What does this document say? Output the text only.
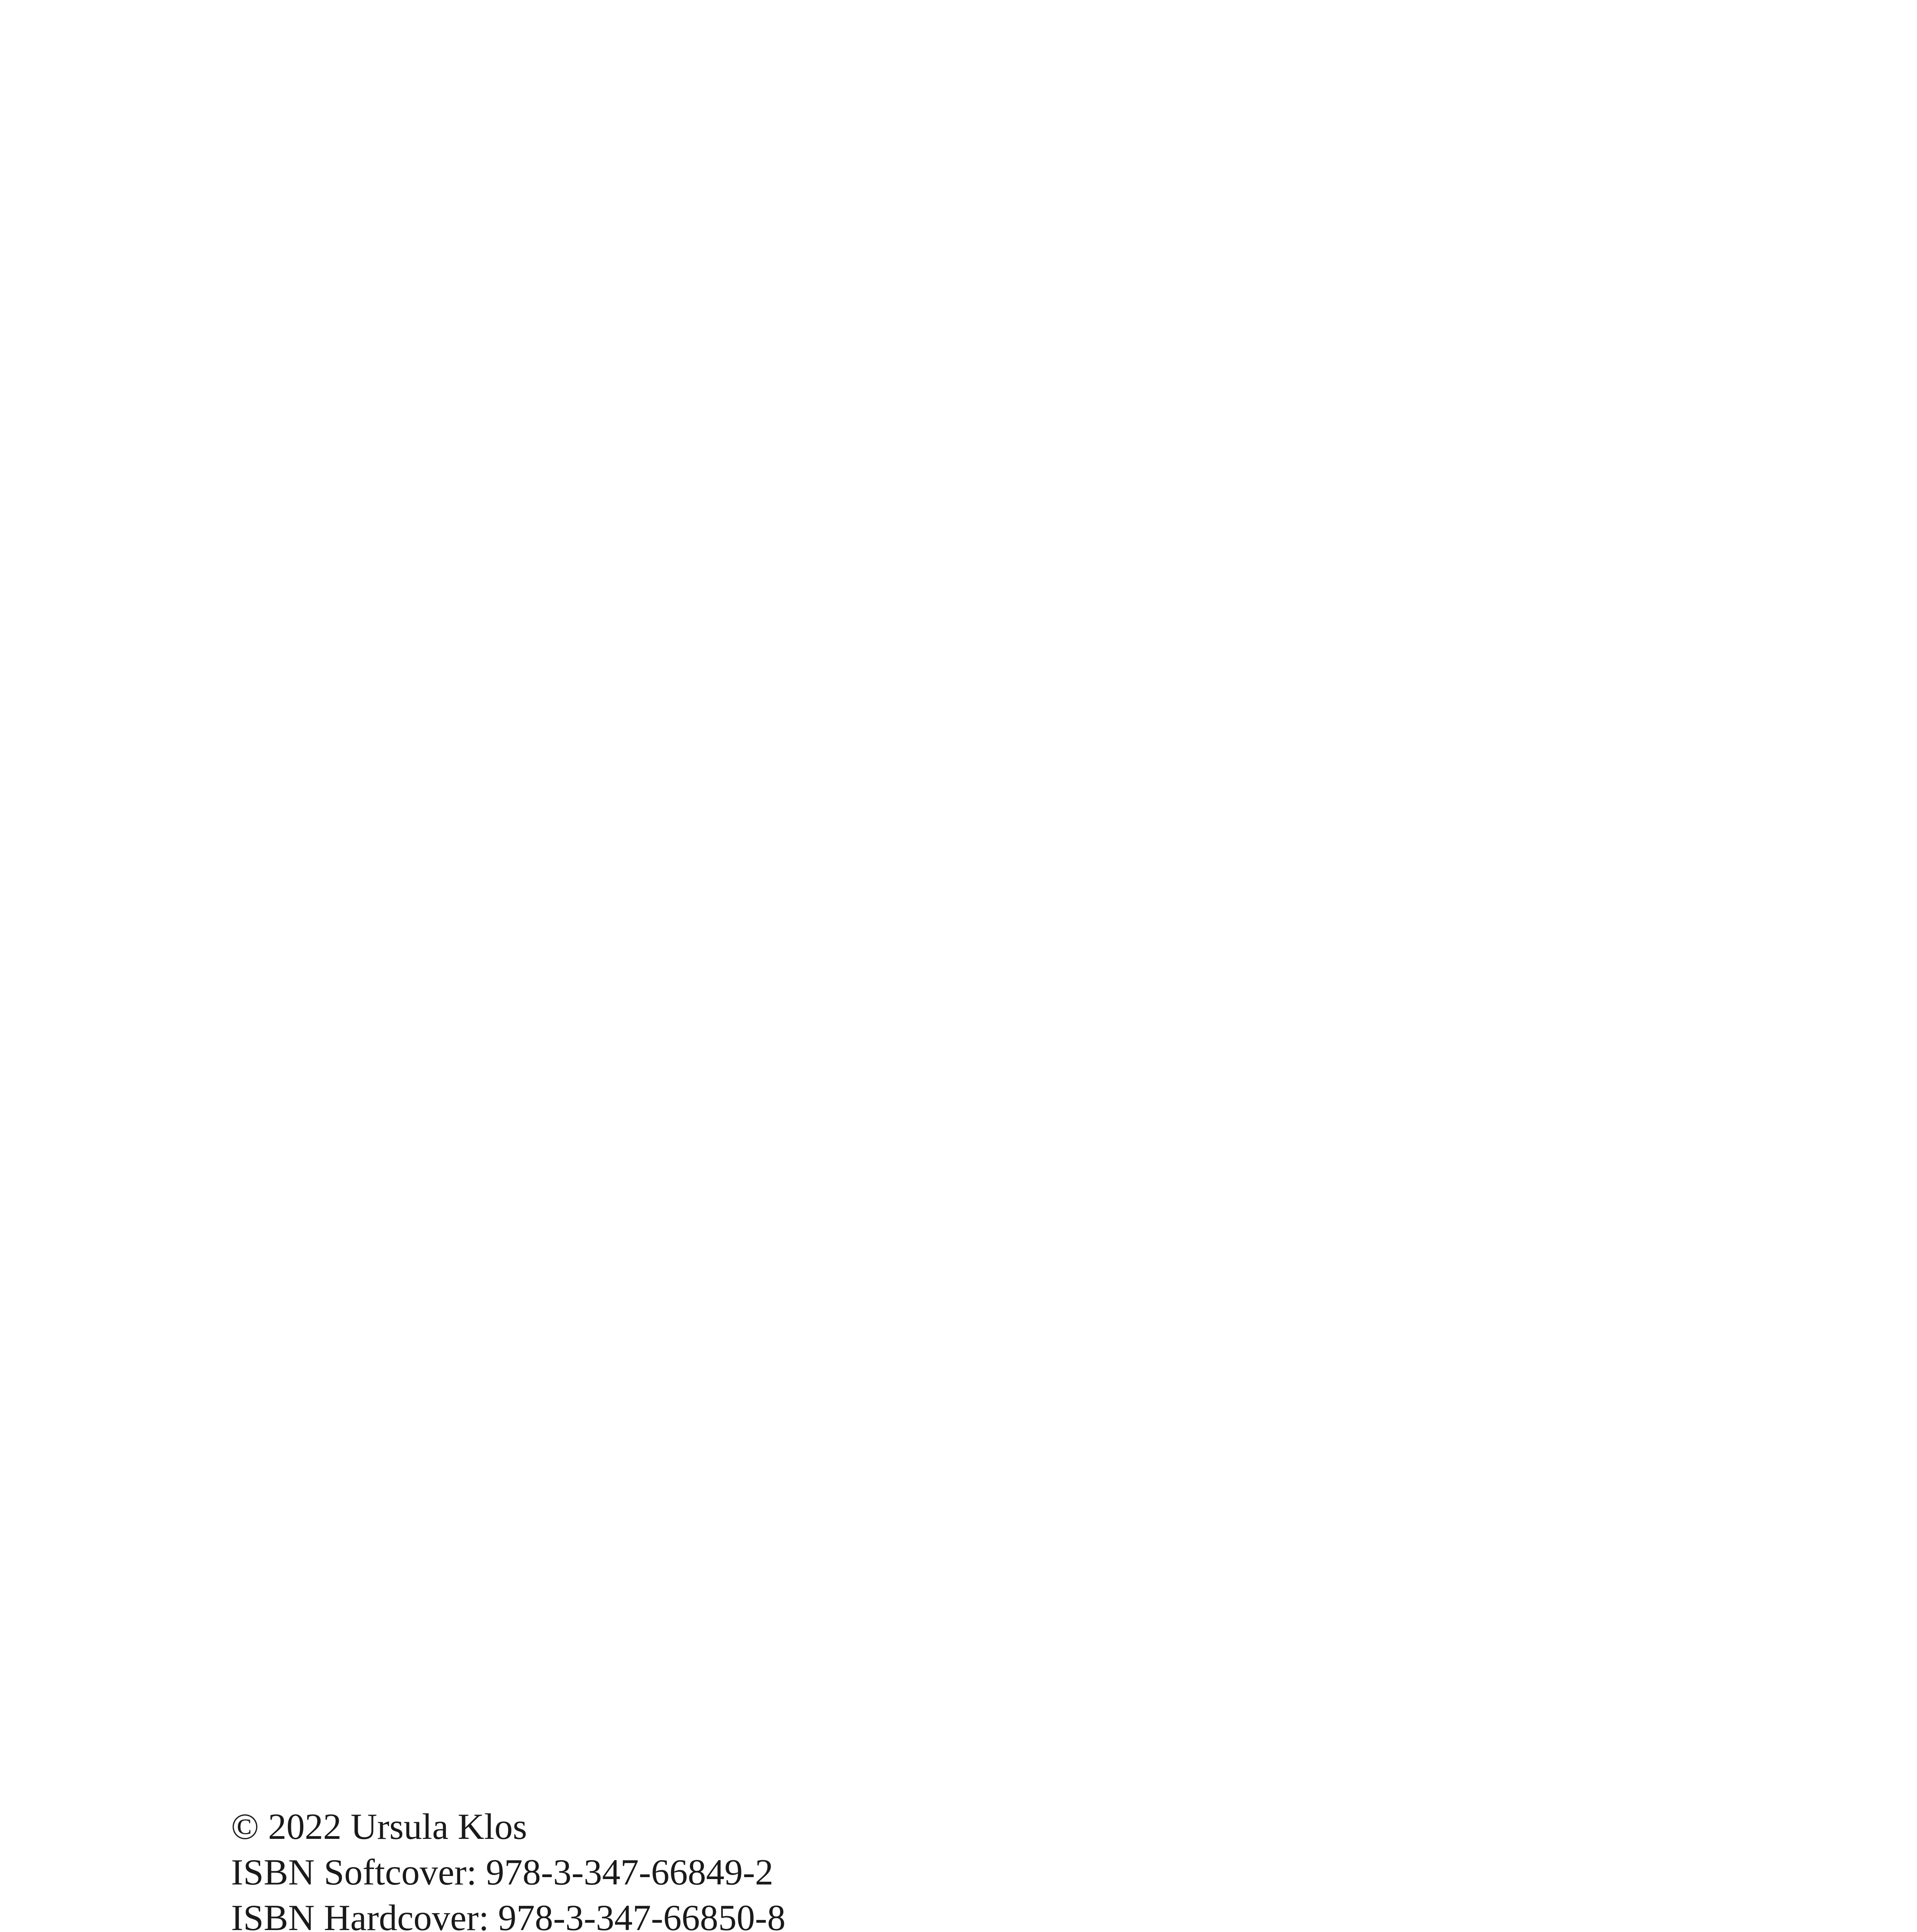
© 2022 Ursula Klos

ISBN Softcover: 978-3-347-66849-2
ISBN Hardcover: 978-3-347-66850-8
